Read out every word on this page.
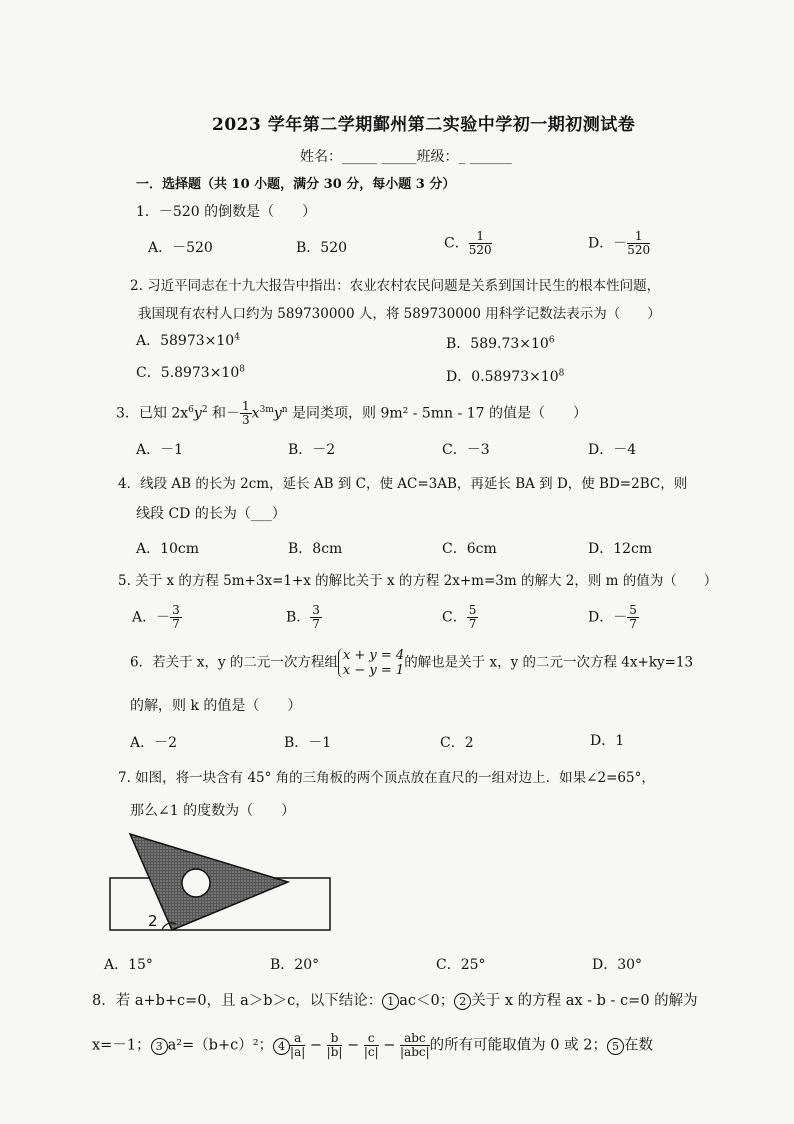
2023 学年第二学期鄞州第二实验中学初一期初测试卷
姓名：_____ _____班级：_ ______
一．选择题（共 10 小题，满分 30 分，每小题 3 分）
1．－520 的倒数是（　　）
A．－520	B．520	C． $\frac{1}{520}$	D．－ $\frac{1}{520}$
2. 习近平同志在十九大报告中指出：农业农村农民问题是关系到国计民生的根本性问题，
我国现有农村人口约为 589730000 人，将 589730000 用科学记数法表示为（　　）
A．$58973\times 10^4$	B．$589.73\times 10^6$
C．$5.8973\times 10^8$	D．$0.58973\times 10^8$
3．已知 $2x^6y^2$ 和－ $\frac{1}{3} x^{3m}y^n$ 是同类项，则 9m² - 5mn - 17 的值是（　　）
A．－1	B．－2	C．－3	D．－4
4．线段 AB 的长为 2cm，延长 AB 到 C，使 AC=3AB，再延长 BA 到 D，使 BD=2BC，则
线段 CD 的长为（___）
A．10cm	B．8cm	C．6cm	D．12cm
5. 关于 x 的方程 5m+3x=1+x 的解比关于 x 的方程 2x+m=3m 的解大 2，则 m 的值为（　　）
A．－ $\frac{3}{7}$	B． $\frac{3}{7}$	C． $\frac{5}{7}$	D．－ $\frac{5}{7}$
6．若关于 x，y 的二元一次方程组 x + y = 4
x − y = 1 的解也是关于 x，y 的二元一次方程 4x+ky=13
的解，则 k 的值是（　　）
A．－2	B．－1	C．2	D．1
7. 如图，将一块含有 45° 角的三角板的两个顶点放在直尺的一组对边上．如果∠2=65°，
那么∠1 的度数为（　　）
2
A．15°	B．20°	C．25°	D．30°
8．若 a+b+c=0，且 a＞b＞c，以下结论： 1 ac＜0； 2 关于 x 的方程 ax - b - c=0 的解为
x=－1； 3 a²=（b+c）²； $4 \frac{a}{|a|} - \frac{b}{|b|} - \frac{c}{|c|} - \frac{\text{abc}}{\text{|abc|}}$ 的所有可能取值为 0 或 2； 5 在数
